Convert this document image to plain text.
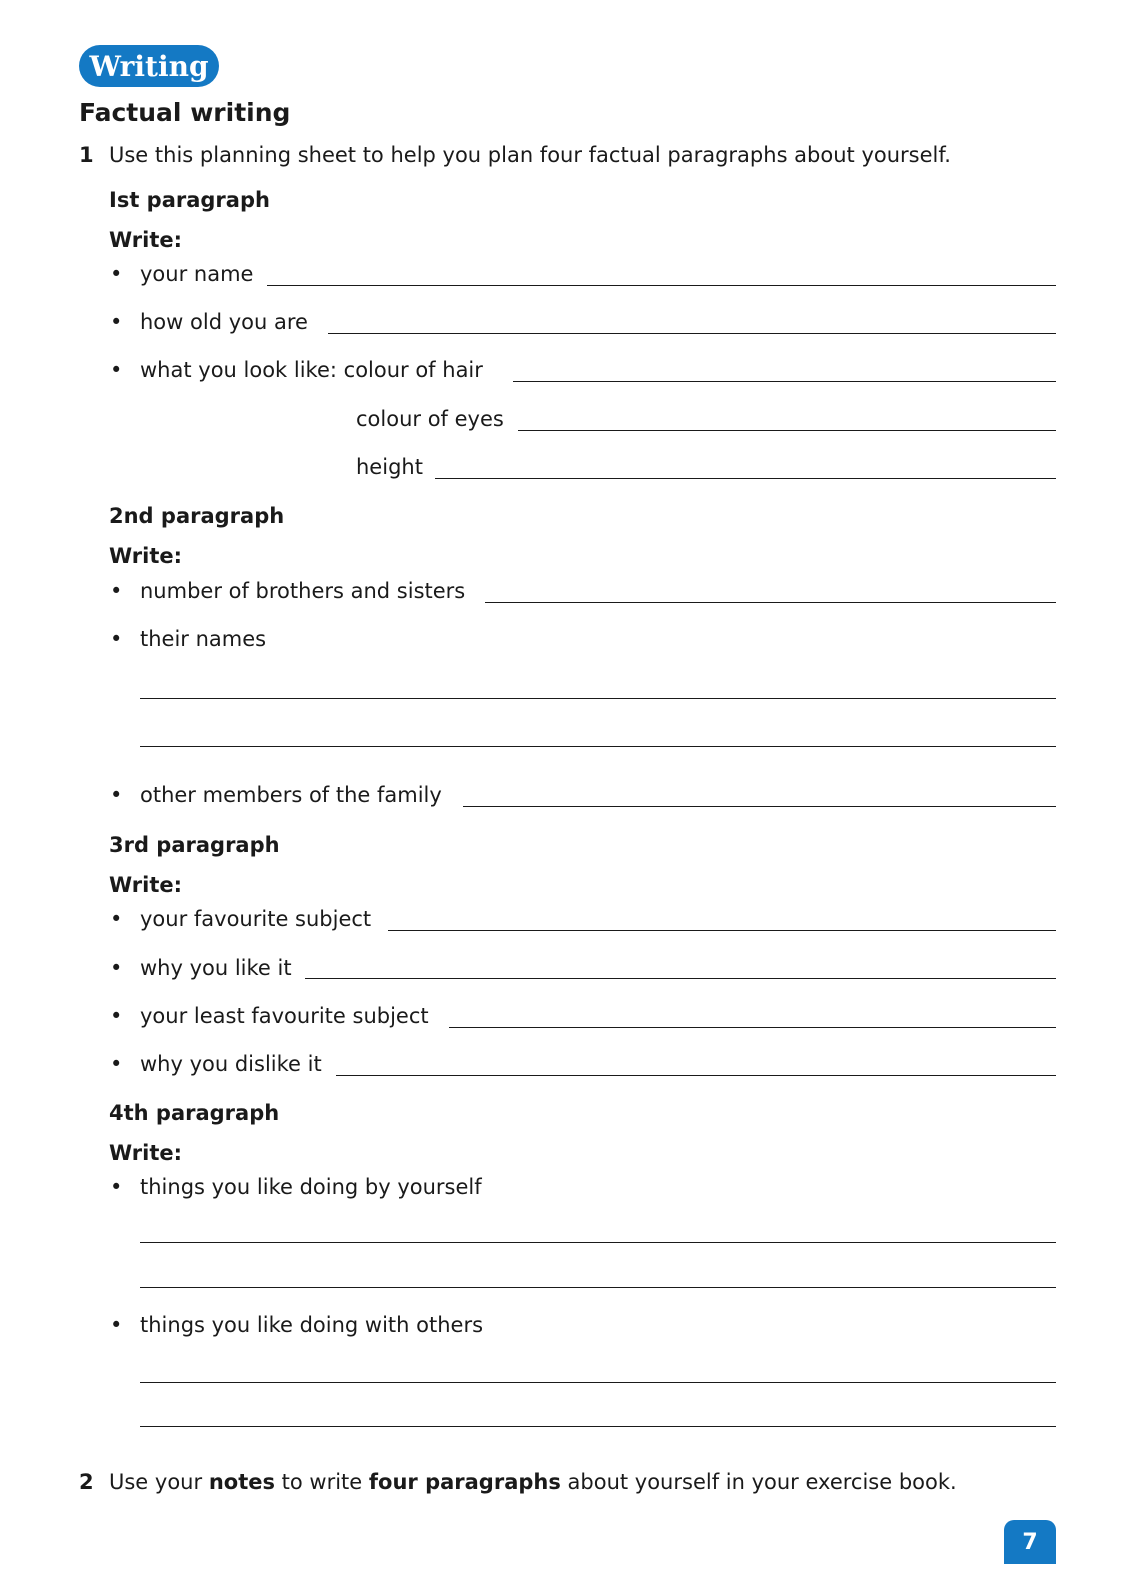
Writing
Factual writing
1 Use this planning sheet to help you plan four factual paragraphs about yourself.
Ist paragraph
Write:
• your name
• how old you are
• what you look like: colour of hair
colour of eyes
height
2nd paragraph
Write:
• number of brothers and sisters
• their names
• other members of the family
3rd paragraph
Write:
• your favourite subject
• why you like it
• your least favourite subject
• why you dislike it
4th paragraph
Write:
• things you like doing by yourself
• things you like doing with others
2 Use your notes to write four paragraphs about yourself in your exercise book.
7
